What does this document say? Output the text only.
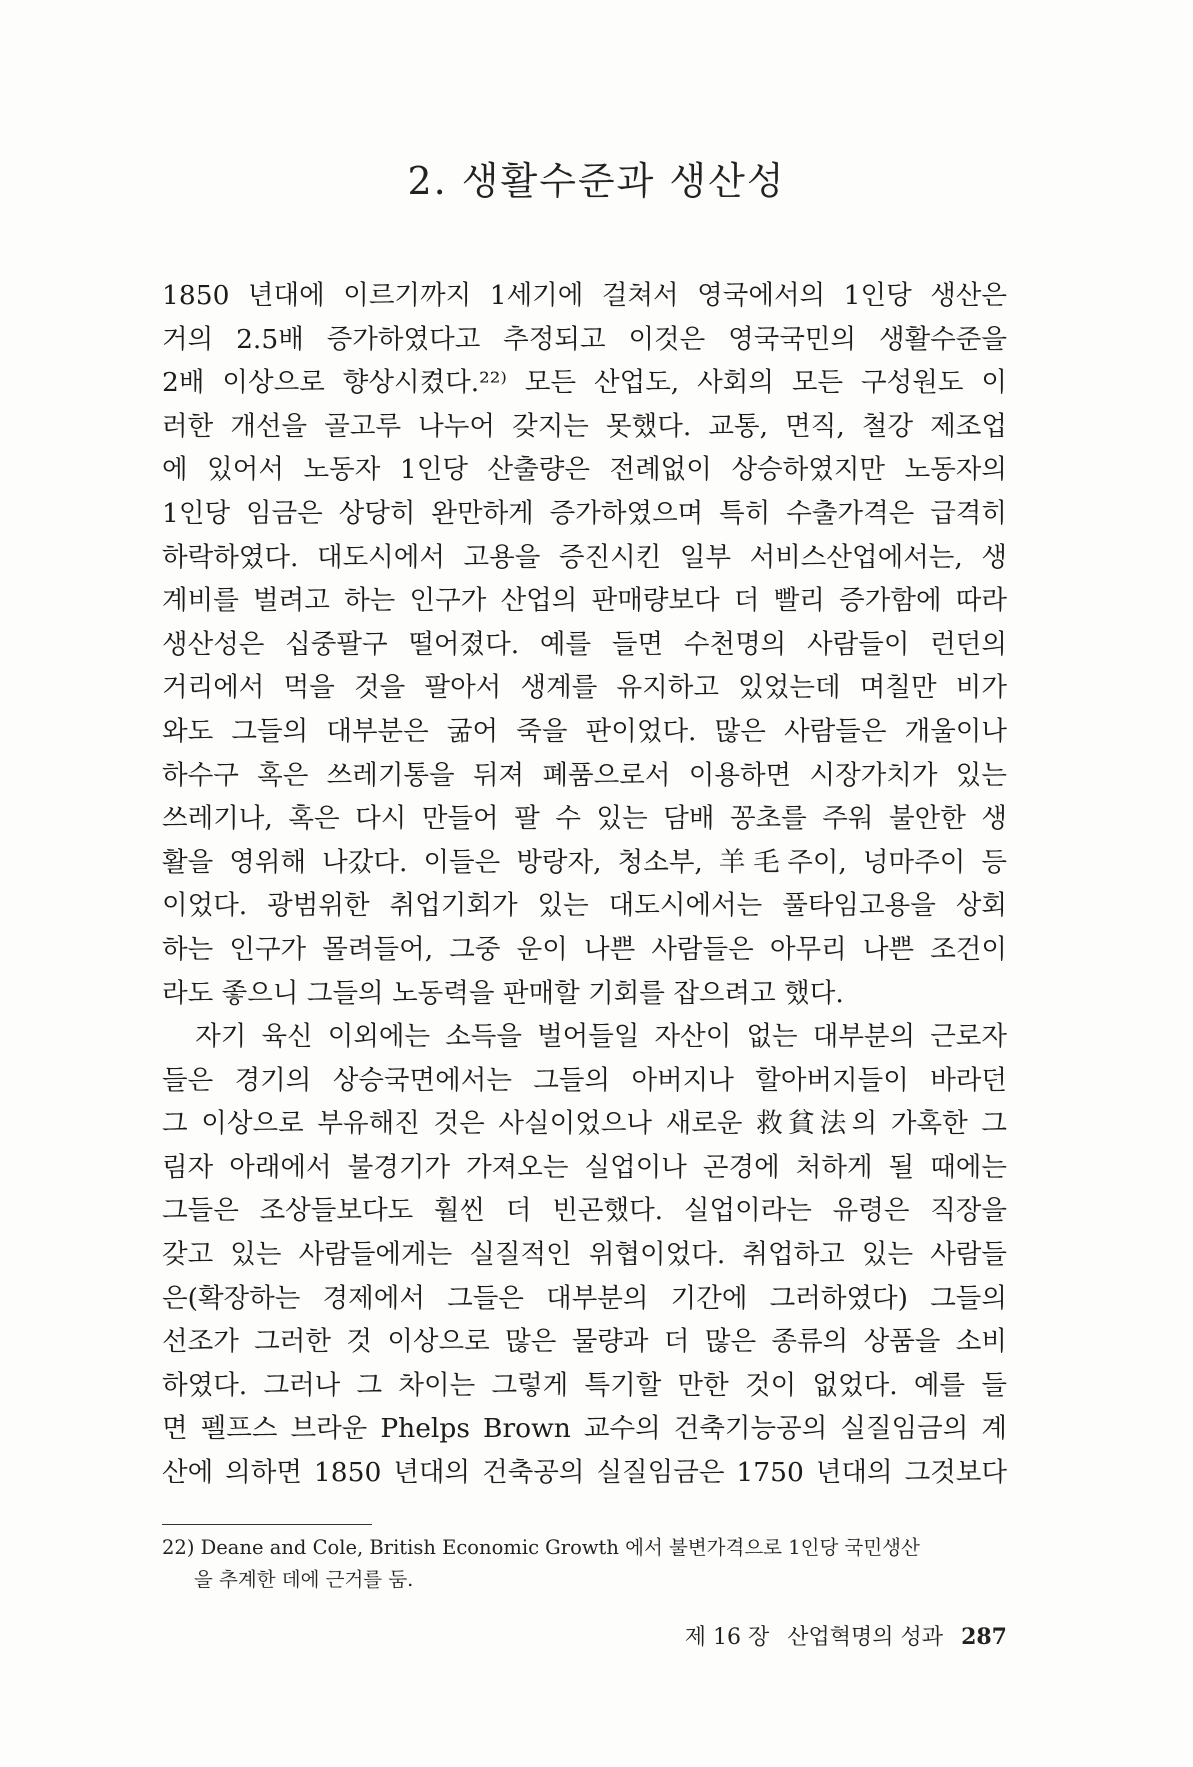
2. 생활수준과 생산성
1850 년대에 이르기까지 1세기에 걸쳐서 영국에서의 1인당 생산은
거의 2.5배 증가하였다고 추정되고 이것은 영국국민의 생활수준을
2배 이상으로 향상시켰다.²²⁾ 모든 산업도, 사회의 모든 구성원도 이
러한 개선을 골고루 나누어 갖지는 못했다. 교통, 면직, 철강 제조업
에 있어서 노동자 1인당 산출량은 전례없이 상승하였지만 노동자의
1인당 임금은 상당히 완만하게 증가하였으며 특히 수출가격은 급격히
하락하였다. 대도시에서 고용을 증진시킨 일부 서비스산업에서는, 생
계비를 벌려고 하는 인구가 산업의 판매량보다 더 빨리 증가함에 따라
생산성은 십중팔구 떨어졌다. 예를 들면 수천명의 사람들이 런던의
거리에서 먹을 것을 팔아서 생계를 유지하고 있었는데 며칠만 비가
와도 그들의 대부분은 굶어 죽을 판이었다. 많은 사람들은 개울이나
하수구 혹은 쓰레기통을 뒤져 폐품으로서 이용하면 시장가치가 있는
쓰레기나, 혹은 다시 만들어 팔 수 있는 담배 꽁초를 주워 불안한 생
활을 영위해 나갔다. 이들은 방랑자, 청소부, 羊毛주이, 넝마주이 등
이었다. 광범위한 취업기회가 있는 대도시에서는 풀타임고용을 상회
하는 인구가 몰려들어, 그중 운이 나쁜 사람들은 아무리 나쁜 조건이
라도 좋으니 그들의 노동력을 판매할 기회를 잡으려고 했다.
　자기 육신 이외에는 소득을 벌어들일 자산이 없는 대부분의 근로자
들은 경기의 상승국면에서는 그들의 아버지나 할아버지들이 바라던
그 이상으로 부유해진 것은 사실이었으나 새로운 救貧法의 가혹한 그
림자 아래에서 불경기가 가져오는 실업이나 곤경에 처하게 될 때에는
그들은 조상들보다도 훨씬 더 빈곤했다. 실업이라는 유령은 직장을
갖고 있는 사람들에게는 실질적인 위협이었다. 취업하고 있는 사람들
은(확장하는 경제에서 그들은 대부분의 기간에 그러하였다) 그들의
선조가 그러한 것 이상으로 많은 물량과 더 많은 종류의 상품을 소비
하였다. 그러나 그 차이는 그렇게 특기할 만한 것이 없었다. 예를 들
면 펠프스 브라운 Phelps Brown 교수의 건축기능공의 실질임금의 계
산에 의하면 1850 년대의 건축공의 실질임금은 1750 년대의 그것보다
22) Deane and Cole, British Economic Growth 에서 불변가격으로 1인당 국민생산
을 추계한 데에 근거를 둠.
제 16 장 산업혁명의 성과 287
